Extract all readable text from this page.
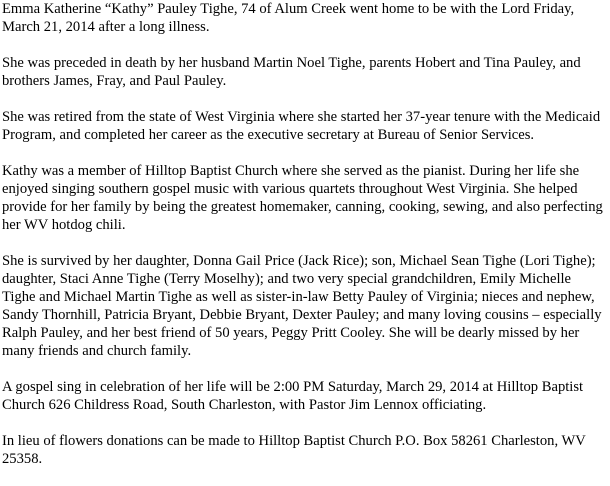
Emma Katherine “Kathy” Pauley Tighe, 74 of Alum Creek went home to be with the Lord Friday, March 21, 2014 after a long illness.

She was preceded in death by her husband Martin Noel Tighe, parents Hobert and Tina Pauley, and brothers James, Fray, and Paul Pauley.

She was retired from the state of West Virginia where she started her 37-year tenure with the Medicaid Program, and completed her career as the executive secretary at Bureau of Senior Services.

Kathy was a member of Hilltop Baptist Church where she served as the pianist. During her life she enjoyed singing southern gospel music with various quartets throughout West Virginia. She helped provide for her family by being the greatest homemaker, canning, cooking, sewing, and also perfecting her WV hotdog chili.

She is survived by her daughter, Donna Gail Price (Jack Rice); son, Michael Sean Tighe (Lori Tighe); daughter, Staci Anne Tighe (Terry Moselhy); and two very special grandchildren, Emily Michelle Tighe and Michael Martin Tighe as well as sister-in-law Betty Pauley of Virginia; nieces and nephew, Sandy Thornhill, Patricia Bryant, Debbie Bryant, Dexter Pauley; and many loving cousins – especially Ralph Pauley, and her best friend of 50 years, Peggy Pritt Cooley. She will be dearly missed by her many friends and church family.

A gospel sing in celebration of her life will be 2:00 PM Saturday, March 29, 2014 at Hilltop Baptist Church 626 Childress Road, South Charleston, with Pastor Jim Lennox officiating.

In lieu of flowers donations can be made to Hilltop Baptist Church P.O. Box 58261 Charleston, WV 25358.
